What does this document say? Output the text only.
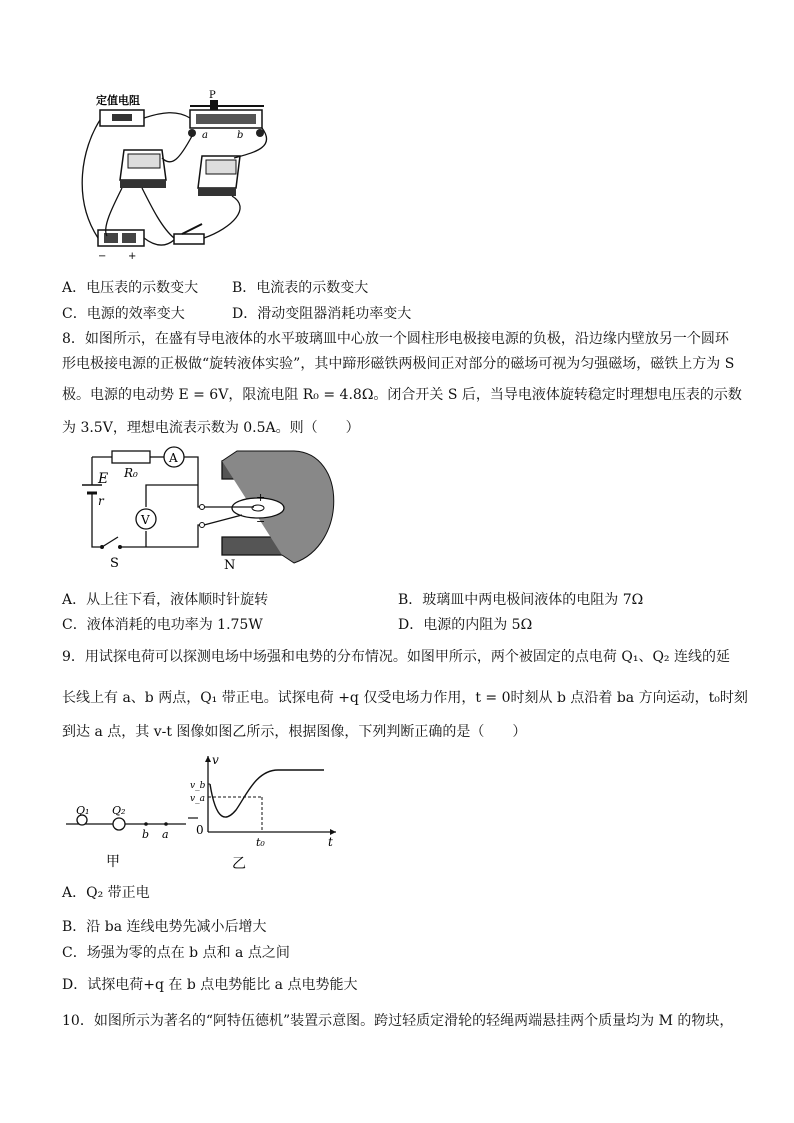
定值电阻	P
a	b
− +
A．电压表的示数变大 B．电流表的示数变大
C．电源的效率变大	D．滑动变阻器消耗功率变大
8．如图所示，在盛有导电液体的水平玻璃皿中心放一个圆柱形电极接电源的负极，沿边缘内壁放另一个圆环
形电极接电源的正极做“旋转液体实验”，其中蹄形磁铁两极间正对部分的磁场可视为匀强磁场，磁铁上方为 S
极。电源的电动势 E = 6V，限流电阻 R₀ = 4.8Ω。闭合开关 S 后，当导电液体旋转稳定时理想电压表的示数
为 3.5V，理想电流表示数为 0.5A。则（　　）
R₀
A
E
r
V
S
+
−
N
A．从上往下看，液体顺时针旋转	B．玻璃皿中两电极间液体的电阻为 7Ω
C．液体消耗的电功率为 1.75W	D．电源的内阻为 5Ω
9．用试探电荷可以探测电场中场强和电势的分布情况。如图甲所示，两个被固定的点电荷 Q₁、Q₂ 连线的延
长线上有 a、b 两点，Q₁ 带正电。试探电荷 +q 仅受电场力作用，t = 0时刻从 b 点沿着 ba 方向运动，t₀时刻
到达 a 点，其 v-t 图像如图乙所示，根据图像，下列判断正确的是（　　）
Q₁ Q₂
b a
甲
v
v_b
v_a
0
t₀	t
乙
A．Q₂ 带正电
B．沿 ba 连线电势先减小后增大
C．场强为零的点在 b 点和 a 点之间
D．试探电荷+q 在 b 点电势能比 a 点电势能大
10．如图所示为著名的“阿特伍德机”装置示意图。跨过轻质定滑轮的轻绳两端悬挂两个质量均为 M 的物块，
